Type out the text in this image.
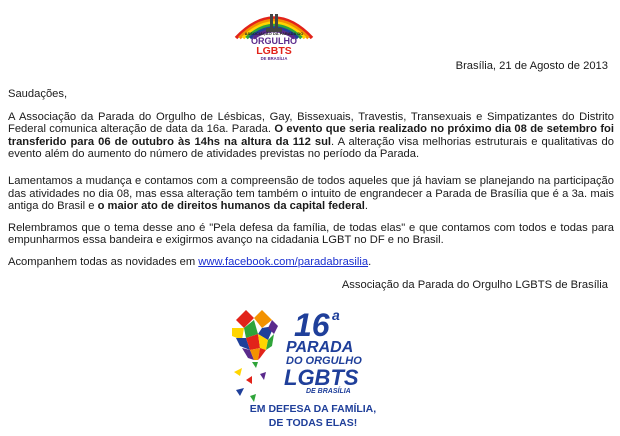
ASSOCIAÇÃO DA PARADA DO
ORGULHO
LGBTS
DE BRASÍLIA
Brasília, 21 de Agosto de 2013

Saudações,

A Associação da Parada do Orgulho de Lésbicas, Gay, Bissexuais, Travestis, Transexuais e Simpatizantes do Distrito Federal comunica alteração de data da 16a. Parada. O evento que seria realizado no próximo dia 08 de setembro foi transferido para 06 de outubro às 14hs na altura da 112 sul. A alteração visa melhorias estruturais e qualitativas do evento além do aumento do número de atividades previstas no período da Parada.

Lamentamos a mudança e contamos com a compreensão de todos aqueles que já haviam se planejando na participação das atividades no dia 08, mas essa alteração tem também o intuito de engrandecer a Parada de Brasília que é a 3a. mais antiga do Brasil e o maior ato de direitos humanos da capital federal.

Relembramos que o tema desse ano é "Pela defesa da família, de todas elas" e que contamos com todos e todas para empunharmos essa bandeira e exigirmos avanço na cidadania LGBT no DF e no Brasil.

Acompanhem todas as novidades em www.facebook.com/paradabrasilia.

Associação da Parada do Orgulho LGBTS de Brasília
16 a
PARADA
DO ORGULHO
LGBTS
DE BRASÍLIA
EM DEFESA DA FAMÍLIA,
DE TODAS ELAS!
